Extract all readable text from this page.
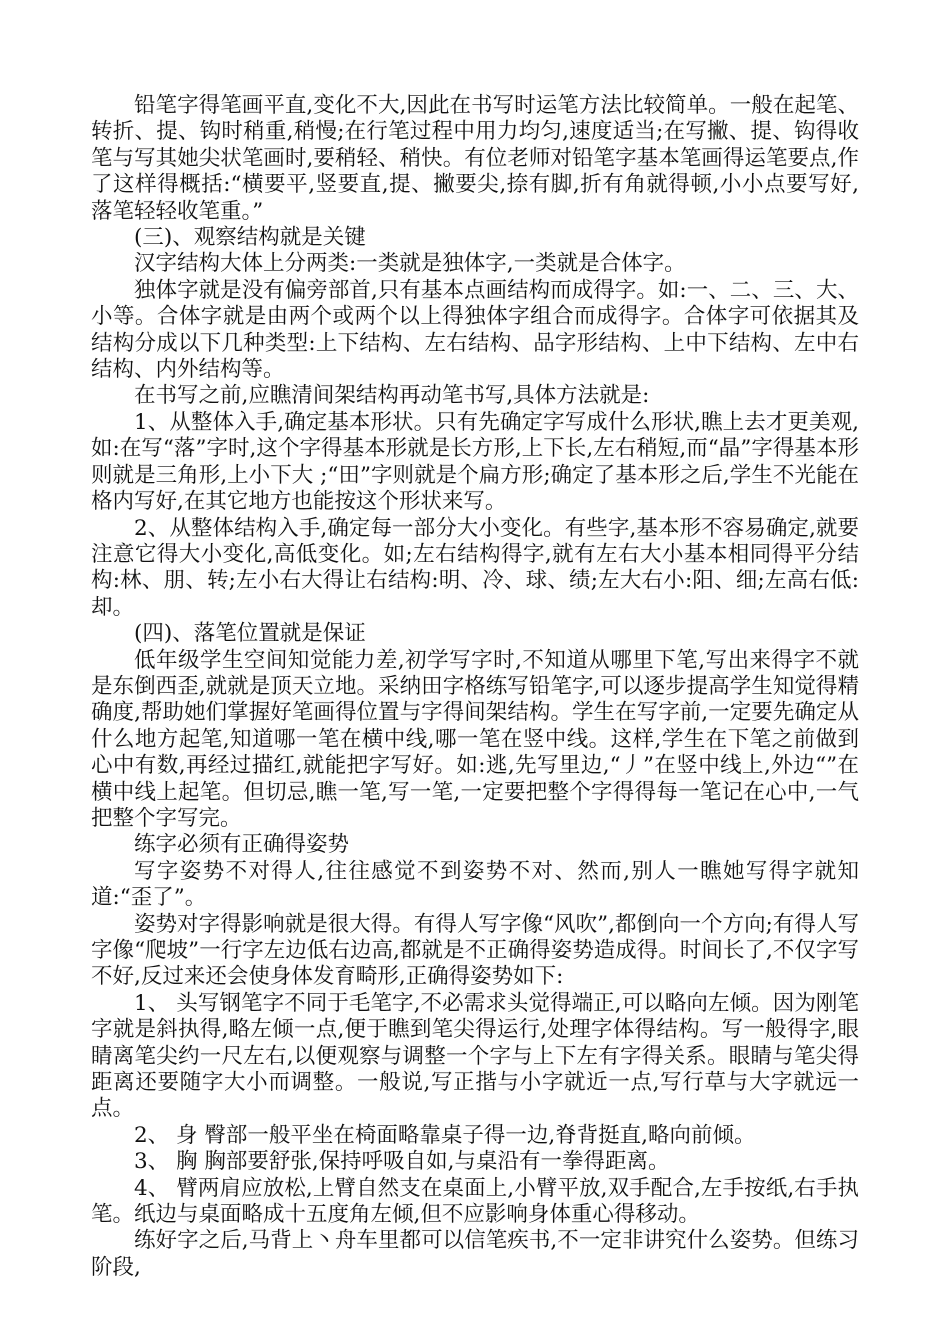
铅笔字得笔画平直,变化不大,因此在书写时运笔方法比较简单。一般在起笔、转折、提、钩时稍重,稍慢;在行笔过程中用力均匀,速度适当;在写撇、提、钩得收笔与写其她尖状笔画时,要稍轻、稍快。有位老师对铅笔字基本笔画得运笔要点,作了这样得概括:“横要平,竖要直,提、撇要尖,捺有脚,折有角就得顿,小小点要写好,落笔轻轻收笔重。”

(三)、观察结构就是关键

汉字结构大体上分两类:一类就是独体字,一类就是合体字。

独体字就是没有偏旁部首,只有基本点画结构而成得字。如:一、二、三、大、小等。合体字就是由两个或两个以上得独体字组合而成得字。合体字可依据其及结构分成以下几种类型:上下结构、左右结构、品字形结构、上中下结构、左中右结构、内外结构等。

在书写之前,应瞧清间架结构再动笔书写,具体方法就是:

1、从整体入手,确定基本形状。只有先确定字写成什么形状,瞧上去才更美观,如:在写“落”字时,这个字得基本形就是长方形,上下长,左右稍短,而“晶”字得基本形则就是三角形,上小下大 ;“田”字则就是个扁方形;确定了基本形之后,学生不光能在格内写好,在其它地方也能按这个形状来写。

2、从整体结构入手,确定每一部分大小变化。有些字,基本形不容易确定,就要注意它得大小变化,高低变化。如;左右结构得字,就有左右大小基本相同得平分结构:林、朋、转;左小右大得让右结构:明、冷、球、绩;左大右小:阳、细;左高右低:却。

(四)、落笔位置就是保证

低年级学生空间知觉能力差,初学写字时,不知道从哪里下笔,写出来得字不就是东倒西歪,就就是顶天立地。采纳田字格练写铅笔字,可以逐步提高学生知觉得精确度,帮助她们掌握好笔画得位置与字得间架结构。学生在写字前,一定要先确定从什么地方起笔,知道哪一笔在横中线,哪一笔在竖中线。这样,学生在下笔之前做到心中有数,再经过描红,就能把字写好。如:逃,先写里边,“丿”在竖中线上,外边“”在横中线上起笔。但切忌,瞧一笔,写一笔,一定要把整个字得得每一笔记在心中,一气把整个字写完。

练字必须有正确得姿势

写字姿势不对得人,往往感觉不到姿势不对、然而,别人一瞧她写得字就知道:“歪了”。

姿势对字得影响就是很大得。有得人写字像“风吹”,都倒向一个方向;有得人写字像“爬坡”一行字左边低右边高,都就是不正确得姿势造成得。时间长了,不仅字写不好,反过来还会使身体发育畸形,正确得姿势如下:

1、 头写钢笔字不同于毛笔字,不必需求头觉得端正,可以略向左倾。因为刚笔字就是斜执得,略左倾一点,便于瞧到笔尖得运行,处理字体得结构。写一般得字,眼睛离笔尖约一尺左右,以便观察与调整一个字与上下左有字得关系。眼睛与笔尖得距离还要随字大小而调整。一般说,写正揩与小字就近一点,写行草与大字就远一点。

2、 身 臀部一般平坐在椅面略靠桌子得一边,脊背挺直,略向前倾。

3、 胸 胸部要舒张,保持呼吸自如,与桌沿有一拳得距离。

4、 臂两肩应放松,上臂自然支在桌面上,小臂平放,双手配合,左手按纸,右手执笔。纸边与桌面略成十五度角左倾,但不应影响身体重心得移动。

练好字之后,马背上丶舟车里都可以信笔疾书,不一定非讲究什么姿势。但练习阶段,
